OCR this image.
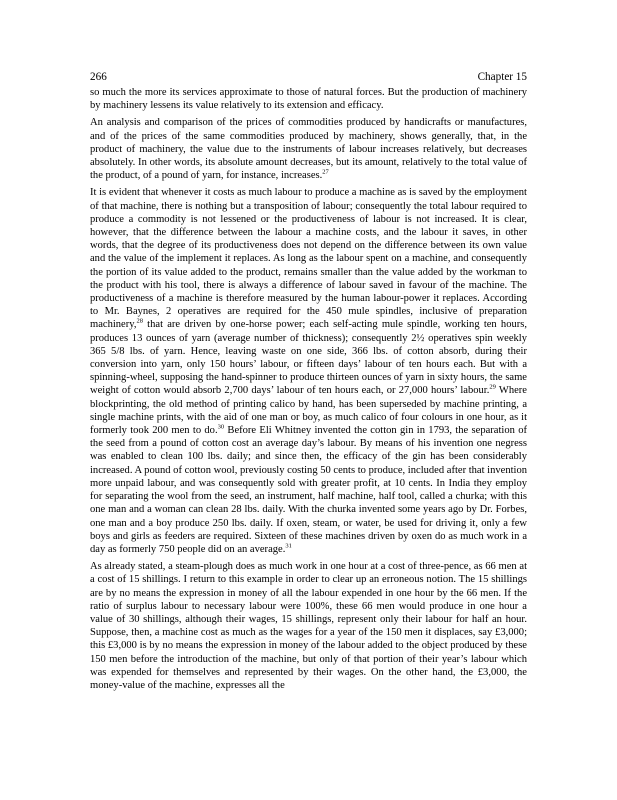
266	Chapter 15

so much the more its services approximate to those of natural forces. But the production of machinery by machinery lessens its value relatively to its extension and efficacy.

An analysis and comparison of the prices of commodities produced by handicrafts or manufactures, and of the prices of the same commodities produced by machinery, shows generally, that, in the product of machinery, the value due to the instruments of labour increases relatively, but decreases absolutely. In other words, its absolute amount decreases, but its amount, relatively to the total value of the product, of a pound of yarn, for instance, increases.$^{27}$

It is evident that whenever it costs as much labour to produce a machine as is saved by the employment of that machine, there is nothing but a transposition of labour; consequently the total labour required to produce a commodity is not lessened or the productiveness of labour is not increased. It is clear, however, that the difference between the labour a machine costs, and the labour it saves, in other words, that the degree of its productiveness does not depend on the difference between its own value and the value of the implement it replaces. As long as the labour spent on a machine, and consequently the portion of its value added to the product, remains smaller than the value added by the workman to the product with his tool, there is always a difference of labour saved in favour of the machine. The productiveness of a machine is therefore measured by the human labour-power it replaces. According to Mr. Baynes, 2 operatives are required for the 450 mule spindles, inclusive of preparation machinery,$^{28}$ that are driven by one-horse power; each self-acting mule spindle, working ten hours, produces 13 ounces of yarn (average number of thickness); consequently 2½ operatives spin weekly 365 5/8 lbs. of yarn. Hence, leaving waste on one side, 366 lbs. of cotton absorb, during their conversion into yarn, only 150 hours’ labour, or fifteen days’ labour of ten hours each. But with a spinning-wheel, supposing the hand-spinner to produce thirteen ounces of yarn in sixty hours, the same weight of cotton would absorb 2,700 days’ labour of ten hours each, or 27,000 hours’ labour.$^{29}$ Where blockprinting, the old method of printing calico by hand, has been superseded by machine printing, a single machine prints, with the aid of one man or boy, as much calico of four colours in one hour, as it formerly took 200 men to do.$^{30}$ Before Eli Whitney invented the cotton gin in 1793, the separation of the seed from a pound of cotton cost an average day’s labour. By means of his invention one negress was enabled to clean 100 lbs. daily; and since then, the efficacy of the gin has been considerably increased. A pound of cotton wool, previously costing 50 cents to produce, included after that invention more unpaid labour, and was consequently sold with greater profit, at 10 cents. In India they employ for separating the wool from the seed, an instrument, half machine, half tool, called a churka; with this one man and a woman can clean 28 lbs. daily. With the churka invented some years ago by Dr. Forbes, one man and a boy produce 250 lbs. daily. If oxen, steam, or water, be used for driving it, only a few boys and girls as feeders are required. Sixteen of these machines driven by oxen do as much work in a day as formerly 750 people did on an average.$^{31}$

As already stated, a steam-plough does as much work in one hour at a cost of three-pence, as 66 men at a cost of 15 shillings. I return to this example in order to clear up an erroneous notion. The 15 shillings are by no means the expression in money of all the labour expended in one hour by the 66 men. If the ratio of surplus labour to necessary labour were 100%, these 66 men would produce in one hour a value of 30 shillings, although their wages, 15 shillings, represent only their labour for half an hour. Suppose, then, a machine cost as much as the wages for a year of the 150 men it displaces, say £3,000; this £3,000 is by no means the expression in money of the labour added to the object produced by these 150 men before the introduction of the machine, but only of that portion of their year’s labour which was expended for themselves and represented by their wages. On the other hand, the £3,000, the money-value of the machine, expresses all the
